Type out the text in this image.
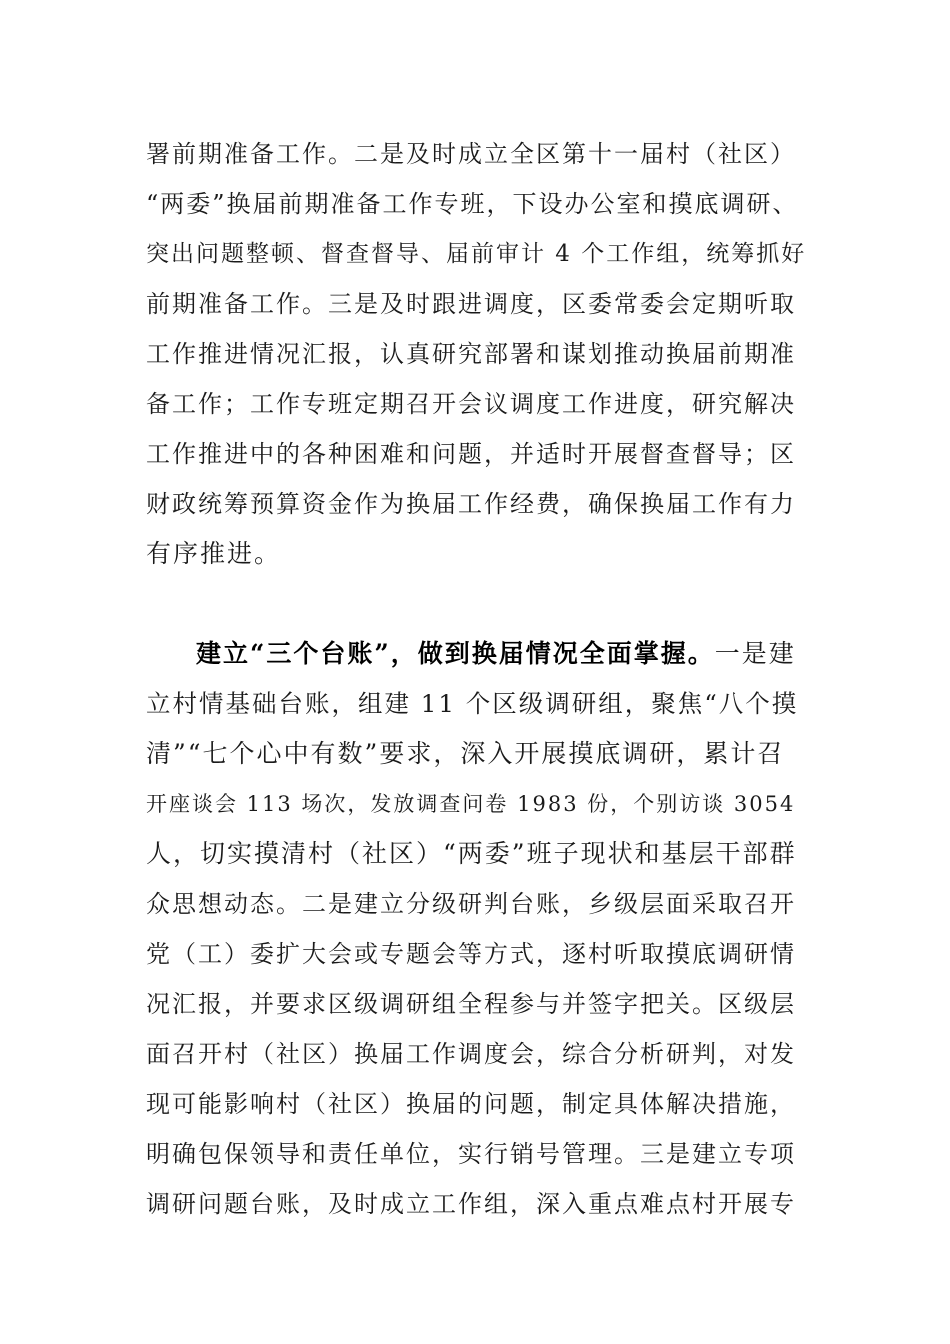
署前期准备工作。二是及时成立全区第十一届村（社区）
“两委”换届前期准备工作专班，下设办公室和摸底调研、
突出问题整顿、督查督导、届前审计 4 个工作组，统筹抓好
前期准备工作。三是及时跟进调度，区委常委会定期听取
工作推进情况汇报，认真研究部署和谋划推动换届前期准
备工作；工作专班定期召开会议调度工作进度，研究解决
工作推进中的各种困难和问题，并适时开展督查督导；区
财政统筹预算资金作为换届工作经费，确保换届工作有力
有序推进。
建立“三个台账”，做到换届情况全面掌握。一是建
立村情基础台账，组建 11 个区级调研组，聚焦“八个摸
清”“七个心中有数”要求，深入开展摸底调研，累计召
开座谈会 113 场次，发放调查问卷 1983 份，个别访谈 3054
人，切实摸清村（社区）“两委”班子现状和基层干部群
众思想动态。二是建立分级研判台账，乡级层面采取召开
党（工）委扩大会或专题会等方式，逐村听取摸底调研情
况汇报，并要求区级调研组全程参与并签字把关。区级层
面召开村（社区）换届工作调度会，综合分析研判，对发
现可能影响村（社区）换届的问题，制定具体解决措施，
明确包保领导和责任单位，实行销号管理。三是建立专项
调研问题台账，及时成立工作组，深入重点难点村开展专
